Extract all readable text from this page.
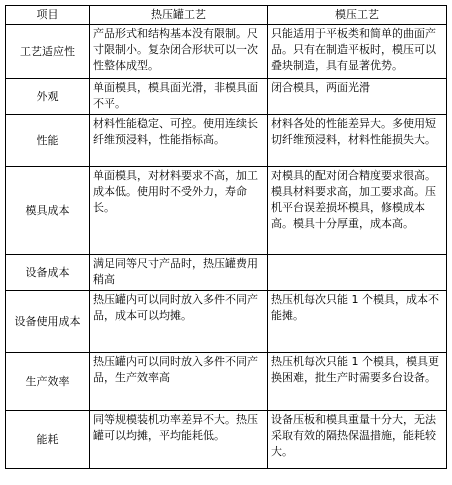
项目	热压罐工艺	模压工艺
工艺适应性	产品形式和结构基本没有限制。尺寸限制小。复杂闭合形状可以一次性整体成型。	只能适用于平板类和简单的曲面产品。只有在制造平板时，模压可以叠块制造，具有显著优势。
外观	单面模具，模具面光滑，非模具面不平。	闭合模具，两面光滑
性能	材料性能稳定、可控。使用连续长纤维预浸料，性能指标高。	材料各处的性能差异大。多使用短切纤维预浸料，材料性能损失大。
模具成本	单面模具，对材料要求不高，加工成本低。使用时不受外力，寿命长。	对模具的配对闭合精度要求很高。模具材料要求高，加工要求高。压机平台误差损坏模具，修模成本高。模具十分厚重，成本高。
设备成本	满足同等尺寸产品时，热压罐费用稍高	
设备使用成本	热压罐内可以同时放入多件不同产品，成本可以均摊。	热压机每次只能 1 个模具，成本不能摊。
生产效率	热压罐内可以同时放入多件不同产品，生产效率高	热压机每次只能 1 个模具，模具更换困难，批生产时需要多台设备。
能耗	同等规模装机功率差异不大。热压罐可以均摊，平均能耗低。	设备压板和模具重量十分大，无法采取有效的隔热保温措施，能耗较大。
